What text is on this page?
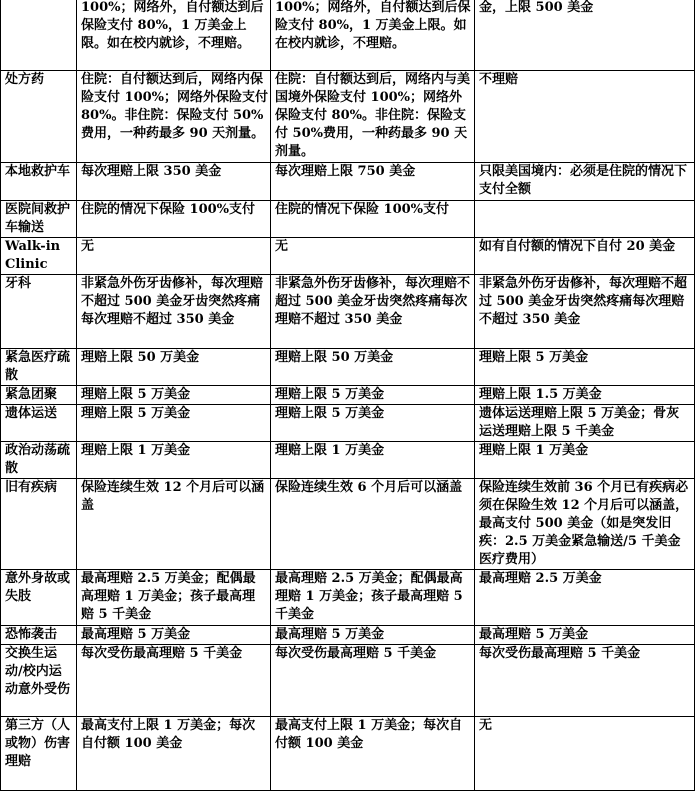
	100%；网络外，自付额达到后保险支付 80%，1 万美金上限。如在校内就诊，不理赔。	100%；网络外，自付额达到后保险支付 80%，1 万美金上限。如在校内就诊，不理赔。	金，上限 500 美金
处方药	住院：自付额达到后，网络内保险支付 100%；网络外保险支付 80%。非住院：保险支付 50%费用，一种药最多 90 天剂量。	住院：自付额达到后，网络内与美国境外保险支付 100%；网络外保险支付 80%。非住院：保险支付 50%费用，一种药最多 90 天剂量。	不理赔
本地救护车	每次理赔上限 350 美金	每次理赔上限 750 美金	只限美国境内：必须是住院的情况下支付全额
医院间救护车输送	住院的情况下保险 100%支付	住院的情况下保险 100%支付	
Walk-in Clinic	无	无	如有自付额的情况下自付 20 美金
牙科	非紧急外伤牙齿修补，每次理赔不超过 500 美金牙齿突然疼痛每次理赔不超过 350 美金	非紧急外伤牙齿修补，每次理赔不超过 500 美金牙齿突然疼痛每次理赔不超过 350 美金	非紧急外伤牙齿修补，每次理赔不超过 500 美金牙齿突然疼痛每次理赔不超过 350 美金
紧急医疗疏散	理赔上限 50 万美金	理赔上限 50 万美金	理赔上限 5 万美金
紧急团聚	理赔上限 5 万美金	理赔上限 5 万美金	理赔上限 1.5 万美金
遗体运送	理赔上限 5 万美金	理赔上限 5 万美金	遗体运送理赔上限 5 万美金；骨灰运送理赔上限 5 千美金
政治动荡疏散	理赔上限 1 万美金	理赔上限 1 万美金	理赔上限 1 万美金
旧有疾病	保险连续生效 12 个月后可以涵盖	保险连续生效 6 个月后可以涵盖	保险连续生效前 36 个月已有疾病必须在保险生效 12 个月后可以涵盖，最高支付 500 美金（如是突发旧疾：2.5 万美金紧急输送/5 千美金医疗费用）
意外身故或失肢	最高理赔 2.5 万美金；配偶最高理赔 1 万美金；孩子最高理赔 5 千美金	最高理赔 2.5 万美金；配偶最高理赔 1 万美金；孩子最高理赔 5 千美金	最高理赔 2.5 万美金
恐怖袭击	最高理赔 5 万美金	最高理赔 5 万美金	最高理赔 5 万美金
交换生运动/校内运动意外受伤	每次受伤最高理赔 5 千美金	每次受伤最高理赔 5 千美金	每次受伤最高理赔 5 千美金
第三方（人或物）伤害理赔	最高支付上限 1 万美金；每次自付额 100 美金	最高支付上限 1 万美金；每次自付额 100 美金	无
